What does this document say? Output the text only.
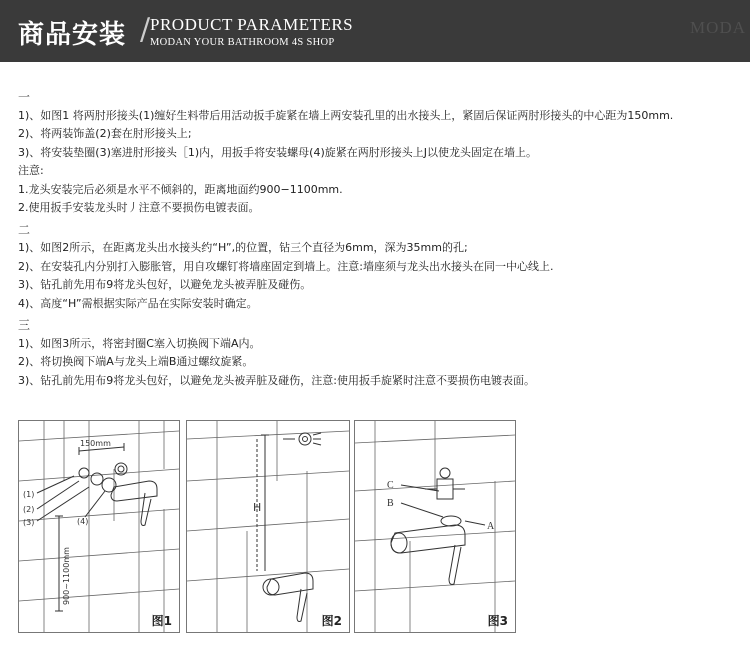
商品安装 / PRODUCT PARAMETERS
MODAN YOUR BATHROOM 4S SHOP
MODA

一

1)、如图1 将两肘形接头(1)缠好生料带后用活动扳手旋紧在墙上两安装孔里的出水接头上，紧固后保证两肘形接头的中心距为150mm.

2)、将两装饰盖(2)套在肘形接头上;

3)、将安装垫圈(3)塞进肘形接头［1)内，用扳手将安装螺母(4)旋紧在两肘形接头上J以使龙头固定在墙上。

注意:

1.龙头安装完后必须是水平不倾斜的，距离地面约900−1100mm.

2.使用扳手安装龙头时丿注意不要损伤电镀表面。

二

1)、如图2所示，在距离龙头出水接头约“H”,的位置，钻三个直径为6mm，深为35mm的孔;

2)、在安装孔内分别打入膨胀管，用自攻螺钉将墙座固定到墙上。注意:墙座须与龙头出水接头在同一中心线上.

3)、钻孔前先用布9将龙头包好，以避免龙头被弄脏及碰伤。

4)、高度“H”需根据实际产品在实际安装时确定。

三

1)、如图3所示，将密封圈C塞入切换阀下端A内。

2)、将切换阀下端A与龙头上端B通过螺纹旋紧。

3)、钻孔前先用布9将龙头包好，以避免龙头被弄脏及碰伤，注意:使用扳手旋紧时注意不要损伤电镀表面。

150mm
900~1100mm
(1)
(2)
(3)	(4)
图1
H
图2
C
B
A
图3
